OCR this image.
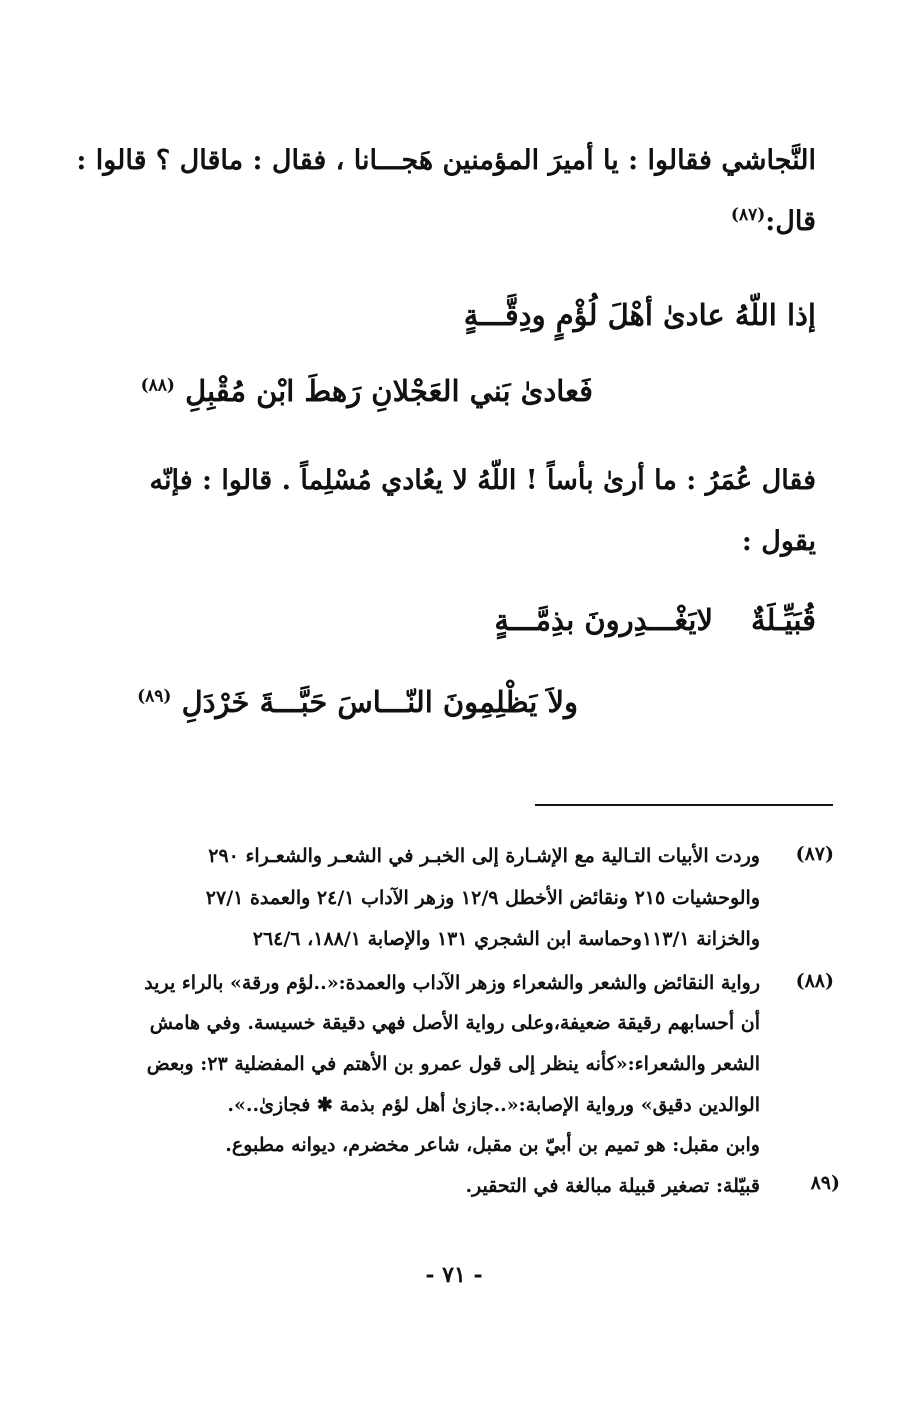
النَّجاشي فقالوا : يا أميرَ المؤمنين هَجـــانا ، فقال : ماقال ؟ قالوا :
قال:$^{(٨٧)}$
إذا اللّهُ عادىٰ أهْلَ لُؤْمٍ ودِقَّـــةٍ
فَعادىٰ بَني العَجْلانِ رَهطَ ابْن مُقْبِلِ $^{(٨٨)}$
فقال عُمَرُ : ما أرىٰ بأساً ! اللّهُ لا يعُادي مُسْلِماً . قالوا : فإنّه
يقول :
قُبَيِّـلَةٌلايَغْـــدِرونَ بذِمَّـــةٍ
ولاَ يَظْلِمِونَ النّـــاسَ حَبَّـــةَ خَرْدَلِ $^{(٨٩)}$
(٨٧)
وردت الأبيات التـالية مع الإشـارة إلى الخبـر في الشعـر والشعـراء ٢٩٠
والوحشيات ٢١٥ ونقائض الأخطل ١٢/٩ وزهر الآداب ٢٤/١ والعمدة ٢٧/١
والخزانة ١١٣/١وحماسة ابن الشجري ١٣١ والإصابة ١٨٨/١، ٢٦٤/٦
(٨٨)
رواية النقائض والشعر والشعراء وزهر الآداب والعمدة:«..لؤم ورقة» بالراء يريد
أن أحسابهم رقيقة ضعيفة،وعلى رواية الأصل فهي دقيقة خسيسة. وفي هامش
الشعر والشعراء:«كأنه ينظر إلى قول عمرو بن الأهتم في المفضلية ٢٣: وبعض
الوالدين دقيق» ورواية الإصابة:«..جازىٰ أهل لؤم بذمة ✱ فجازىٰ..».
وابن مقبل: هو تميم بن أبيّ بن مقبل، شاعر مخضرم، ديوانه مطبوع.
(٨٩
قبيّلة: تصغير قبيلة مبالغة في التحقير.
- ٧١ -
